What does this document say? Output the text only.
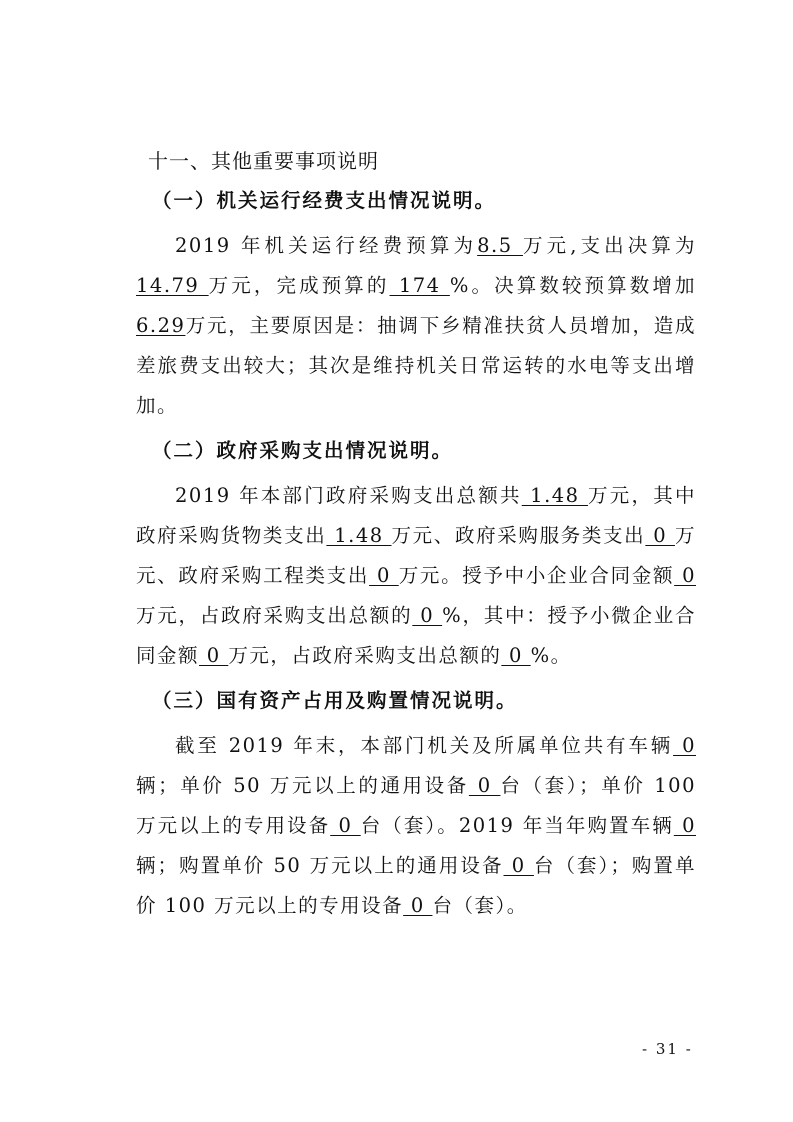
十一、其他重要事项说明
（一）机关运行经费支出情况说明。

2019 年机关运行经费预算为8.5 万元,支出决算为14.79 万元，完成预算的 174 %。决算数较预算数增加6.29万元，主要原因是：抽调下乡精准扶贫人员增加，造成差旅费支出较大；其次是维持机关日常运转的水电等支出增加。

（二）政府采购支出情况说明。

2019 年本部门政府采购支出总额共 1.48 万元，其中政府采购货物类支出 1.48 万元、政府采购服务类支出 0 万元、政府采购工程类支出 0 万元。授予中小企业合同金额 0 万元，占政府采购支出总额的 0 %，其中：授予小微企业合同金额 0 万元，占政府采购支出总额的 0 %。

（三）国有资产占用及购置情况说明。

截至 2019 年末，本部门机关及所属单位共有车辆 0 辆；单价 50 万元以上的通用设备 0 台（套）；单价 100 万元以上的专用设备 0 台（套）。2019 年当年购置车辆 0 辆；购置单价 50 万元以上的通用设备 0 台（套）；购置单价 100 万元以上的专用设备 0 台（套）。

- 31 -
